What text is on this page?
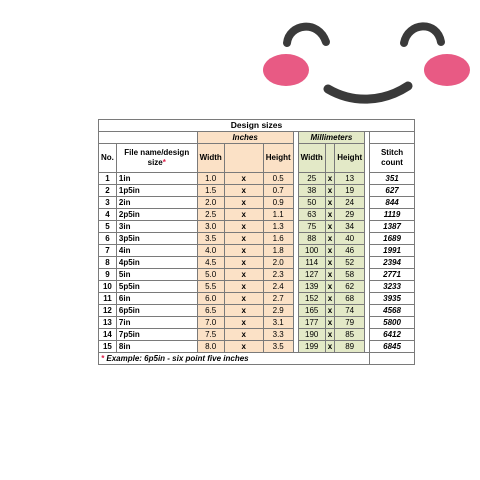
Design sizes										
		Inches				Millimeters				
No.	File name/design size*	Width		Height		Width		Height		Stitch count
1	1in	1.0	x	0.5		25	x	13		351
2	1p5in	1.5	x	0.7		38	x	19		627
3	2in	2.0	x	0.9		50	x	24		844
4	2p5in	2.5	x	1.1		63	x	29		1119
5	3in	3.0	x	1.3		75	x	34		1387
6	3p5in	3.5	x	1.6		88	x	40		1689
7	4in	4.0	x	1.8		100	x	46		1991
8	4p5in	4.5	x	2.0		114	x	52		2394
9	5in	5.0	x	2.3		127	x	58		2771
10	5p5in	5.5	x	2.4		139	x	62		3233
11	6in	6.0	x	2.7		152	x	68		3935
12	6p5in	6.5	x	2.9		165	x	74		4568
13	7in	7.0	x	3.1		177	x	79		5800
14	7p5in	7.5	x	3.3		190	x	85		6412
15	8in	8.0	x	3.5		199	x	89		6845
* Example: 6p5in - six point five inches										
